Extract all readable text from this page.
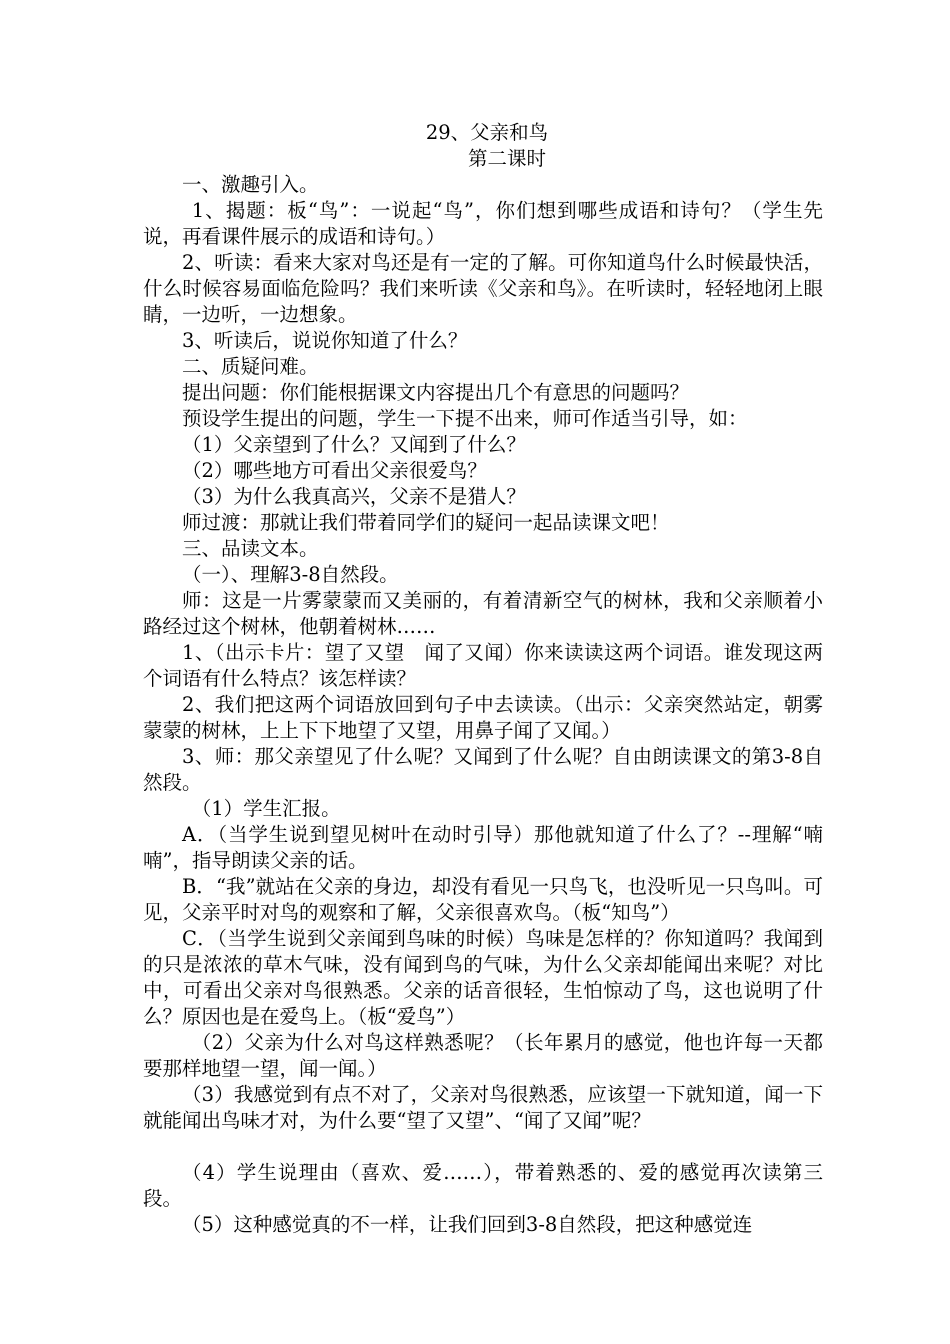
29、父亲和鸟
第二课时

一、激趣引入。

1、揭题：板“鸟”：一说起“鸟”，你们想到哪些成语和诗句？（学生先说，再看课件展示的成语和诗句。）

2、听读：看来大家对鸟还是有一定的了解。可你知道鸟什么时候最快活，什么时候容易面临危险吗？我们来听读《父亲和鸟》。在听读时，轻轻地闭上眼睛，一边听，一边想象。

3、听读后，说说你知道了什么？

二、质疑问难。

提出问题：你们能根据课文内容提出几个有意思的问题吗？

预设学生提出的问题，学生一下提不出来，师可作适当引导，如：

（1）父亲望到了什么？又闻到了什么？

（2）哪些地方可看出父亲很爱鸟？

（3）为什么我真高兴，父亲不是猎人？

师过渡：那就让我们带着同学们的疑问一起品读课文吧！

三、品读文本。

（一）、理解3-8自然段。

师：这是一片雾蒙蒙而又美丽的，有着清新空气的树林，我和父亲顺着小路经过这个树林，他朝着树林……

1、（出示卡片：望了又望　闻了又闻）你来读读这两个词语。谁发现这两个词语有什么特点？该怎样读？

2、我们把这两个词语放回到句子中去读读。（出示：父亲突然站定，朝雾蒙蒙的树林，上上下下地望了又望，用鼻子闻了又闻。）

3、师：那父亲望见了什么呢？又闻到了什么呢？自由朗读课文的第3-8自然段。

（1）学生汇报。

A．（当学生说到望见树叶在动时引导）那他就知道了什么了？--理解“喃喃”，指导朗读父亲的话。

B．“我”就站在父亲的身边，却没有看见一只鸟飞，也没听见一只鸟叫。可见，父亲平时对鸟的观察和了解，父亲很喜欢鸟。（板“知鸟”）

C．（当学生说到父亲闻到鸟味的时候）鸟味是怎样的？你知道吗？我闻到的只是浓浓的草木气味，没有闻到鸟的气味，为什么父亲却能闻出来呢？对比中，可看出父亲对鸟很熟悉。父亲的话音很轻，生怕惊动了鸟，这也说明了什么？原因也是在爱鸟上。（板“爱鸟”）

（2）父亲为什么对鸟这样熟悉呢？（长年累月的感觉，他也许每一天都要那样地望一望，闻一闻。）

（3）我感觉到有点不对了，父亲对鸟很熟悉，应该望一下就知道，闻一下就能闻出鸟味才对，为什么要“望了又望”、“闻了又闻”呢？

（4）学生说理由（喜欢、爱……），带着熟悉的、爱的感觉再次读第三段。

（5）这种感觉真的不一样，让我们回到3-8自然段，把这种感觉连
